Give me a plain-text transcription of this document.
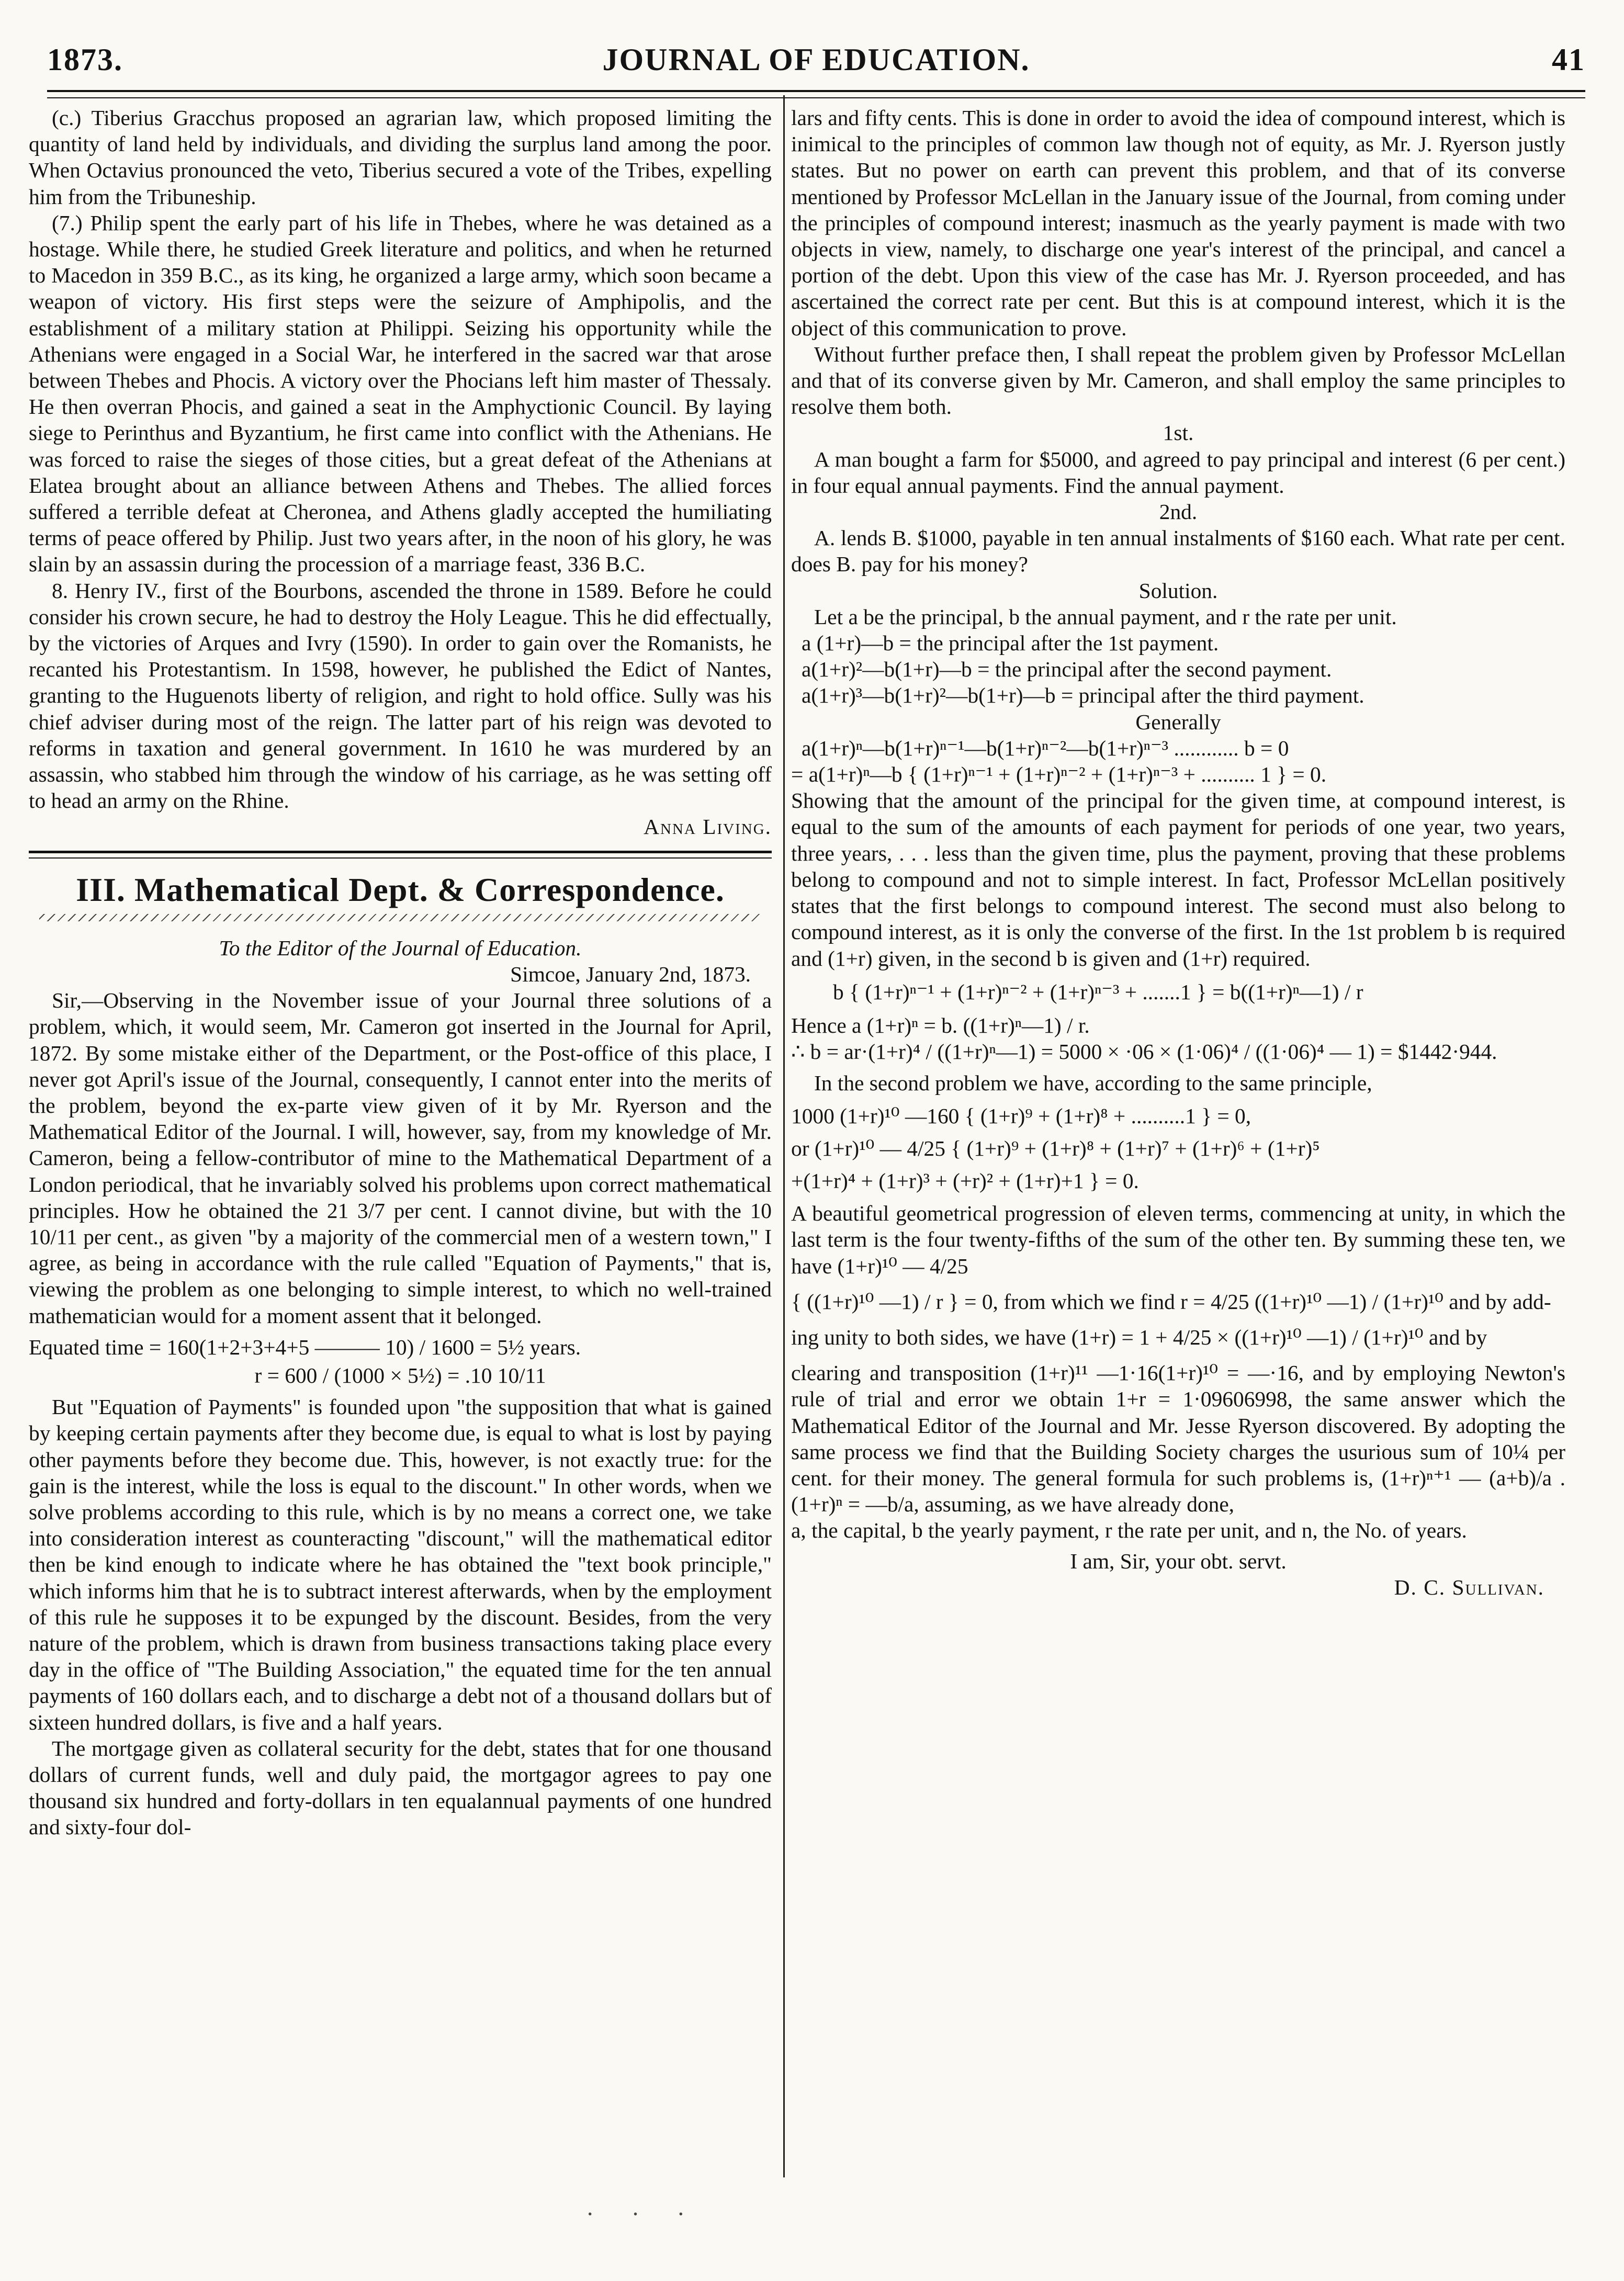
1873.	JOURNAL OF EDUCATION.	41

(c.) Tiberius Gracchus proposed an agrarian law, which proposed limiting the quantity of land held by individuals, and dividing the surplus land among the poor. When Octavius pronounced the veto, Tiberius secured a vote of the Tribes, expelling him from the Tribuneship.

(7.) Philip spent the early part of his life in Thebes, where he was detained as a hostage. While there, he studied Greek literature and politics, and when he returned to Macedon in 359 B.C., as its king, he organized a large army, which soon became a weapon of victory. His first steps were the seizure of Amphipolis, and the establishment of a military station at Philippi. Seizing his opportunity while the Athenians were engaged in a Social War, he interfered in the sacred war that arose between Thebes and Phocis. A victory over the Phocians left him master of Thessaly. He then overran Phocis, and gained a seat in the Amphyctionic Council. By laying siege to Perinthus and Byzantium, he first came into conflict with the Athenians. He was forced to raise the sieges of those cities, but a great defeat of the Athenians at Elatea brought about an alliance between Athens and Thebes. The allied forces suffered a terrible defeat at Cheronea, and Athens gladly accepted the humiliating terms of peace offered by Philip. Just two years after, in the noon of his glory, he was slain by an assassin during the procession of a marriage feast, 336 B.C.

8. Henry IV., first of the Bourbons, ascended the throne in 1589. Before he could consider his crown secure, he had to destroy the Holy League. This he did effectually, by the victories of Arques and Ivry (1590). In order to gain over the Romanists, he recanted his Protestantism. In 1598, however, he published the Edict of Nantes, granting to the Huguenots liberty of religion, and right to hold office. Sully was his chief adviser during most of the reign. The latter part of his reign was devoted to reforms in taxation and general government. In 1610 he was murdered by an assassin, who stabbed him through the window of his carriage, as he was setting off to head an army on the Rhine.

Anna Living.

III. Mathematical Dept. & Correspondence.

To the Editor of the Journal of Education.

Simcoe, January 2nd, 1873.

Sir,—Observing in the November issue of your Journal three solutions of a problem, which, it would seem, Mr. Cameron got inserted in the Journal for April, 1872. By some mistake either of the Department, or the Post-office of this place, I never got April's issue of the Journal, consequently, I cannot enter into the merits of the problem, beyond the ex-parte view given of it by Mr. Ryerson and the Mathematical Editor of the Journal. I will, however, say, from my knowledge of Mr. Cameron, being a fellow-contributor of mine to the Mathematical Department of a London periodical, that he invariably solved his problems upon correct mathematical principles. How he obtained the 21 3/7 per cent. I cannot divine, but with the 10 10/11 per cent., as given "by a majority of the commercial men of a western town," I agree, as being in accordance with the rule called "Equation of Payments," that is, viewing the problem as one belonging to simple interest, to which no well-trained mathematician would for a moment assent that it belonged.

Equated time = 160(1+2+3+4+5 ——— 10) / 1600 = 5½ years.

r = 600 / (1000 × 5½) = .10 10/11

But "Equation of Payments" is founded upon "the supposition that what is gained by keeping certain payments after they become due, is equal to what is lost by paying other payments before they become due. This, however, is not exactly true: for the gain is the interest, while the loss is equal to the discount." In other words, when we solve problems according to this rule, which is by no means a correct one, we take into consideration interest as counteracting "discount," will the mathematical editor then be kind enough to indicate where he has obtained the "text book principle," which informs him that he is to subtract interest afterwards, when by the employment of this rule he supposes it to be expunged by the discount. Besides, from the very nature of the problem, which is drawn from business transactions taking place every day in the office of "The Building Association," the equated time for the ten annual payments of 160 dollars each, and to discharge a debt not of a thousand dollars but of sixteen hundred dollars, is five and a half years.

The mortgage given as collateral security for the debt, states that for one thousand dollars of current funds, well and duly paid, the mortgagor agrees to pay one thousand six hundred and forty-dollars in ten equalannual payments of one hundred and sixty-four dol-

lars and fifty cents. This is done in order to avoid the idea of compound interest, which is inimical to the principles of common law though not of equity, as Mr. J. Ryerson justly states. But no power on earth can prevent this problem, and that of its converse mentioned by Professor McLellan in the January issue of the Journal, from coming under the principles of compound interest; inasmuch as the yearly payment is made with two objects in view, namely, to discharge one year's interest of the principal, and cancel a portion of the debt. Upon this view of the case has Mr. J. Ryerson proceeded, and has ascertained the correct rate per cent. But this is at compound interest, which it is the object of this communication to prove.

Without further preface then, I shall repeat the problem given by Professor McLellan and that of its converse given by Mr. Cameron, and shall employ the same principles to resolve them both.

1st.

A man bought a farm for $5000, and agreed to pay principal and interest (6 per cent.) in four equal annual payments. Find the annual payment.

2nd.

A. lends B. $1000, payable in ten annual instalments of $160 each. What rate per cent. does B. pay for his money?

Solution.

Let a be the principal, b the annual payment, and r the rate per unit.

a (1+r)—b = the principal after the 1st payment.

a(1+r)²—b(1+r)—b = the principal after the second payment.

a(1+r)³—b(1+r)²—b(1+r)—b = principal after the third payment.

Generally

a(1+r)ⁿ—b(1+r)ⁿ⁻¹—b(1+r)ⁿ⁻²—b(1+r)ⁿ⁻³ ............ b = 0

= a(1+r)ⁿ—b { (1+r)ⁿ⁻¹ + (1+r)ⁿ⁻² + (1+r)ⁿ⁻³ + .......... 1 } = 0.

Showing that the amount of the principal for the given time, at compound interest, is equal to the sum of the amounts of each payment for periods of one year, two years, three years, . . . less than the given time, plus the payment, proving that these problems belong to compound and not to simple interest. In fact, Professor McLellan positively states that the first belongs to compound interest. The second must also belong to compound interest, as it is only the converse of the first. In the 1st problem b is required and (1+r) given, in the second b is given and (1+r) required.

b { (1+r)ⁿ⁻¹ + (1+r)ⁿ⁻² + (1+r)ⁿ⁻³ + .......1 } = b((1+r)ⁿ—1) / r

Hence a (1+r)ⁿ = b. ((1+r)ⁿ—1) / r.

∴ b = ar·(1+r)⁴ / ((1+r)ⁿ—1) = 5000 × ·06 × (1·06)⁴ / ((1·06)⁴ — 1) = $1442·944.

In the second problem we have, according to the same principle,

1000 (1+r)¹⁰ —160 { (1+r)⁹ + (1+r)⁸ + ..........1 } = 0,

or (1+r)¹⁰ — 4/25 { (1+r)⁹ + (1+r)⁸ + (1+r)⁷ + (1+r)⁶ + (1+r)⁵

+(1+r)⁴ + (1+r)³ + (+r)² + (1+r)+1 } = 0.

A beautiful geometrical progression of eleven terms, commencing at unity, in which the last term is the four twenty-fifths of the sum of the other ten. By summing these ten, we have (1+r)¹⁰ — 4/25

{ ((1+r)¹⁰ —1) / r } = 0, from which we find r = 4/25 ((1+r)¹⁰ —1) / (1+r)¹⁰ and by add-

ing unity to both sides, we have (1+r) = 1 + 4/25 × ((1+r)¹⁰ —1) / (1+r)¹⁰ and by

clearing and transposition (1+r)¹¹ —1·16(1+r)¹⁰ = —·16, and by employing Newton's rule of trial and error we obtain 1+r = 1·09606998, the same answer which the Mathematical Editor of the Journal and Mr. Jesse Ryerson discovered. By adopting the same process we find that the Building Society charges the usurious sum of 10¼ per cent. for their money. The general formula for such problems is, (1+r)ⁿ⁺¹ — (a+b)/a . (1+r)ⁿ = —b/a, assuming, as we have already done,

a, the capital, b the yearly payment, r the rate per unit, and n, the No. of years.

I am, Sir, your obt. servt.

D. C. Sullivan.

· · ·
